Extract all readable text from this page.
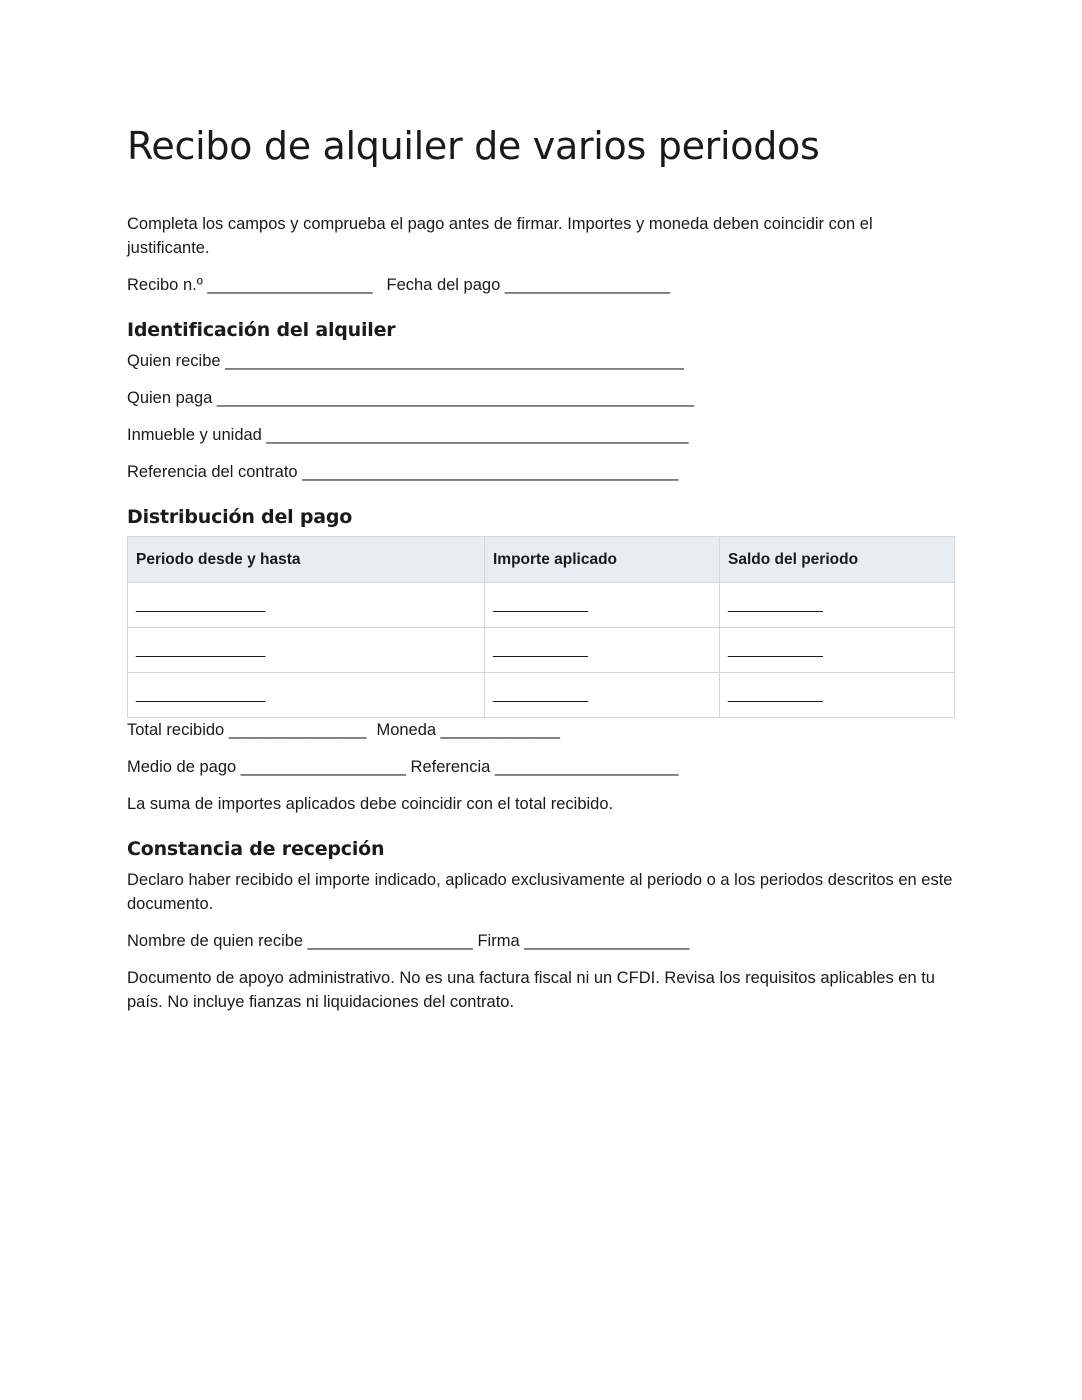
Recibo de alquiler de varios periodos

Completa los campos y comprueba el pago antes de firmar. Importes y moneda deben coincidir con el justificante.

Recibo n.º __________________ Fecha del pago __________________

Identificación del alquiler

Quien recibe __________________________________________________

Quien paga ____________________________________________________

Inmueble y unidad ______________________________________________

Referencia del contrato _________________________________________

Distribución del pago
Periodo desde y hasta	Importe aplicado	Saldo del periodo
_______________	___________	___________
_______________	___________	___________
_______________	___________	___________

Total recibido _______________ Moneda _____________

Medio de pago __________________ Referencia ____________________

La suma de importes aplicados debe coincidir con el total recibido.

Constancia de recepción

Declaro haber recibido el importe indicado, aplicado exclusivamente al periodo o a los periodos descritos en este documento.

Nombre de quien recibe __________________ Firma __________________

Documento de apoyo administrativo. No es una factura fiscal ni un CFDI. Revisa los requisitos aplicables en tu país. No incluye fianzas ni liquidaciones del contrato.
